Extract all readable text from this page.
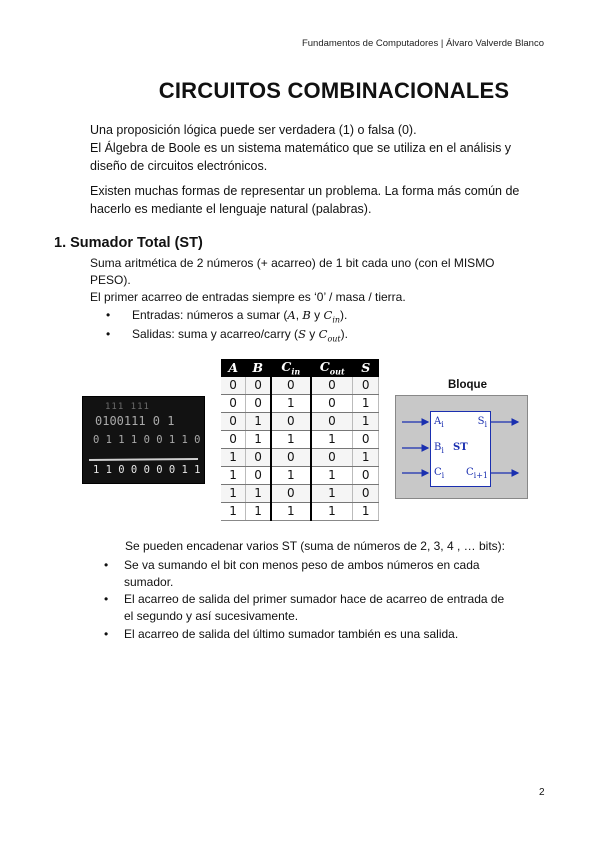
Fundamentos de Computadores | Álvaro Valverde Blanco
CIRCUITOS COMBINACIONALES
Una proposición lógica puede ser verdadera (1) o falsa (0).
El Álgebra de Boole es un sistema matemático que se utiliza en el análisis y
diseño de circuitos electrónicos.
Existen muchas formas de representar un problema. La forma más común de
hacerlo es mediante el lenguaje natural (palabras).
1. Sumador Total (ST)
Suma aritmética de 2 números (+ acarreo) de 1 bit cada uno (con el MISMO
PESO).
El primer acarreo de entradas siempre es ‘0’ / masa / tierra.
• Entradas: números a sumar (A, B y $C_{in}$).
• Salidas: suma y acarreo/carry (S y $C_{out}$).
111 111
0100111 0 1
0 1 1 1 0 0 1 1 0
1 1 0 0 0 0 0 1 1
A	B	$C_{in}$	$C_{out}$	S
0	0	0	0	0
0	0	1	0	1
0	1	0	0	1
0	1	1	1	0
1	0	0	0	1
1	0	1	1	0
1	1	0	1	0
1	1	1	1	1
Bloque
$A_i$
$B_i$
$C_i$
ST
$S_i$
$C_{i+1}$
Se pueden encadenar varios ST (suma de números de 2, 3, 4 , … bits):
• Se va sumando el bit con menos peso de ambos números en cada
sumador.
• El acarreo de salida del primer sumador hace de acarreo de entrada de
el segundo y así sucesivamente.
• El acarreo de salida del último sumador también es una salida.
2
